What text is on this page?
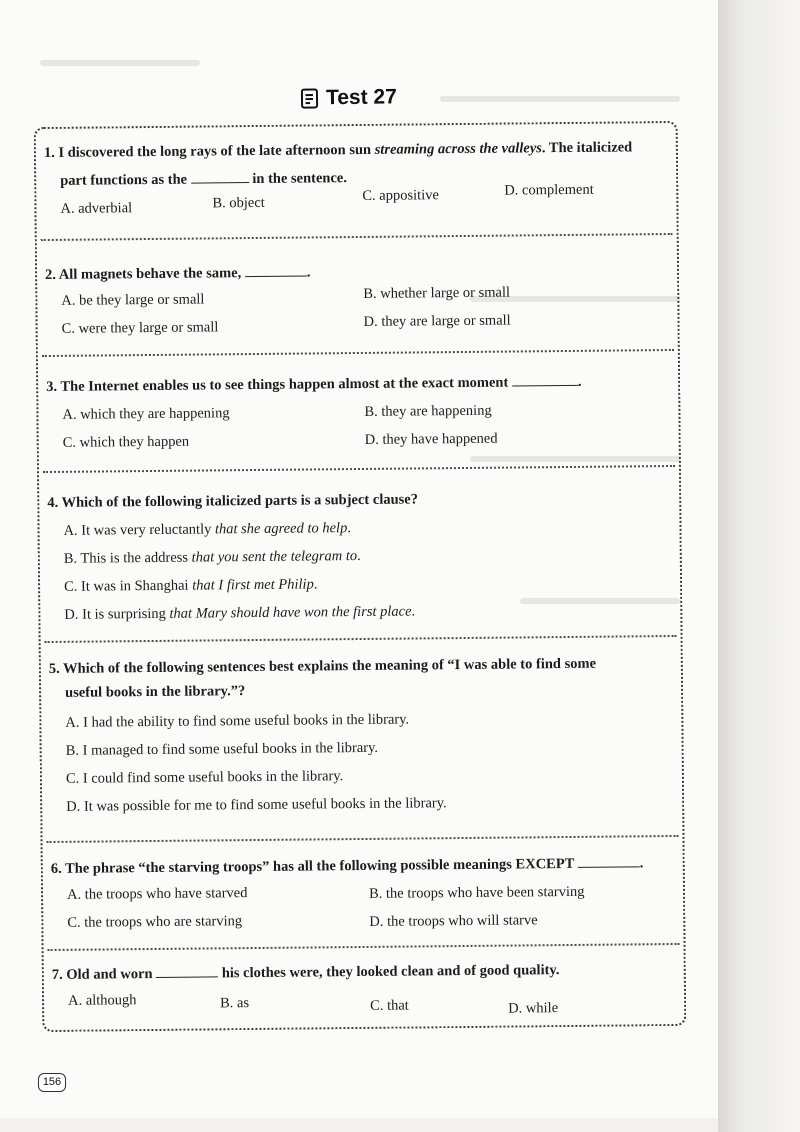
Test 27
1. I discovered the long rays of the late afternoon sun streaming across the valleys. The italicized
part functions as the	in the sentence.
A. adverbial	B. object	C. appositive	D. complement
2. All magnets behave the same,	.
A. be they large or small	B. whether large or small
C. were they large or small	D. they are large or small
3. The Internet enables us to see things happen almost at the exact moment	.
A. which they are happening	B. they are happening
C. which they happen	D. they have happened
4. Which of the following italicized parts is a subject clause?
A. It was very reluctantly that she agreed to help.
B. This is the address that you sent the telegram to.
C. It was in Shanghai that I first met Philip.
D. It is surprising that Mary should have won the first place.
5. Which of the following sentences best explains the meaning of “I was able to find some
useful books in the library.”?
A. I had the ability to find some useful books in the library.
B. I managed to find some useful books in the library.
C. I could find some useful books in the library.
D. It was possible for me to find some useful books in the library.
6. The phrase “the starving troops” has all the following possible meanings EXCEPT	.
A. the troops who have starved	B. the troops who have been starving
C. the troops who are starving	D. the troops who will starve
7. Old and worn	his clothes were, they looked clean and of good quality.
A. although	B. as	C. that	D. while
156
